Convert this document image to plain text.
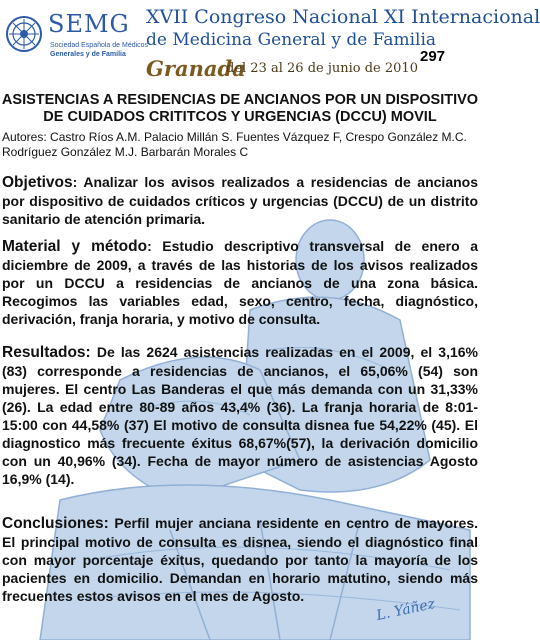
SEMG
Sociedad Española de Médicos
Generales y de Familia
XVII Congreso Nacional XI Internacional
de Medicina General y de Familia
Granada
del 23 al 26 de junio de 2010
297
ASISTENCIAS A RESIDENCIAS DE ANCIANOS POR UN DISPOSITIVO
DE CUIDADOS CRITITCOS Y URGENCIAS (DCCU) MOVIL
Autores: Castro Ríos A.M. Palacio Millán S. Fuentes Vázquez F, Crespo González M.C. Rodríguez González M.J. Barbarán Morales C
Objetivos: Analizar los avisos realizados a residencias de ancianos por dispositivo de cuidados críticos y urgencias (DCCU) de un distrito sanitario de atención primaria.
Material y método: Estudio descriptivo transversal de enero a diciembre de 2009, a través de las historias de los avisos realizados por un DCCU a residencias de ancianos de una zona básica. Recogimos las variables edad, sexo, centro, fecha, diagnóstico, derivación, franja horaria, y motivo de consulta.
Resultados: De las 2624 asistencias realizadas en el 2009, el 3,16% (83) corresponde a residencias de ancianos, el 65,06% (54) son mujeres. El centro Las Banderas el que más demanda con un 31,33% (26). La edad entre 80-89 años 43,4% (36). La franja horaria de 8:01-15:00 con 44,58% (37) El motivo de consulta disnea fue 54,22% (45). El diagnostico más frecuente éxitus 68,67%(57), la derivación domicilio con un 40,96% (34). Fecha de mayor número de asistencias Agosto 16,9% (14).
Conclusiones: Perfil mujer anciana residente en centro de mayores. El principal motivo de consulta es disnea, siendo el diagnóstico final con mayor porcentaje éxitus, quedando por tanto la mayoría de los pacientes en domicilio. Demandan en horario matutino, siendo más frecuentes estos avisos en el mes de Agosto.
L. Yáñez
